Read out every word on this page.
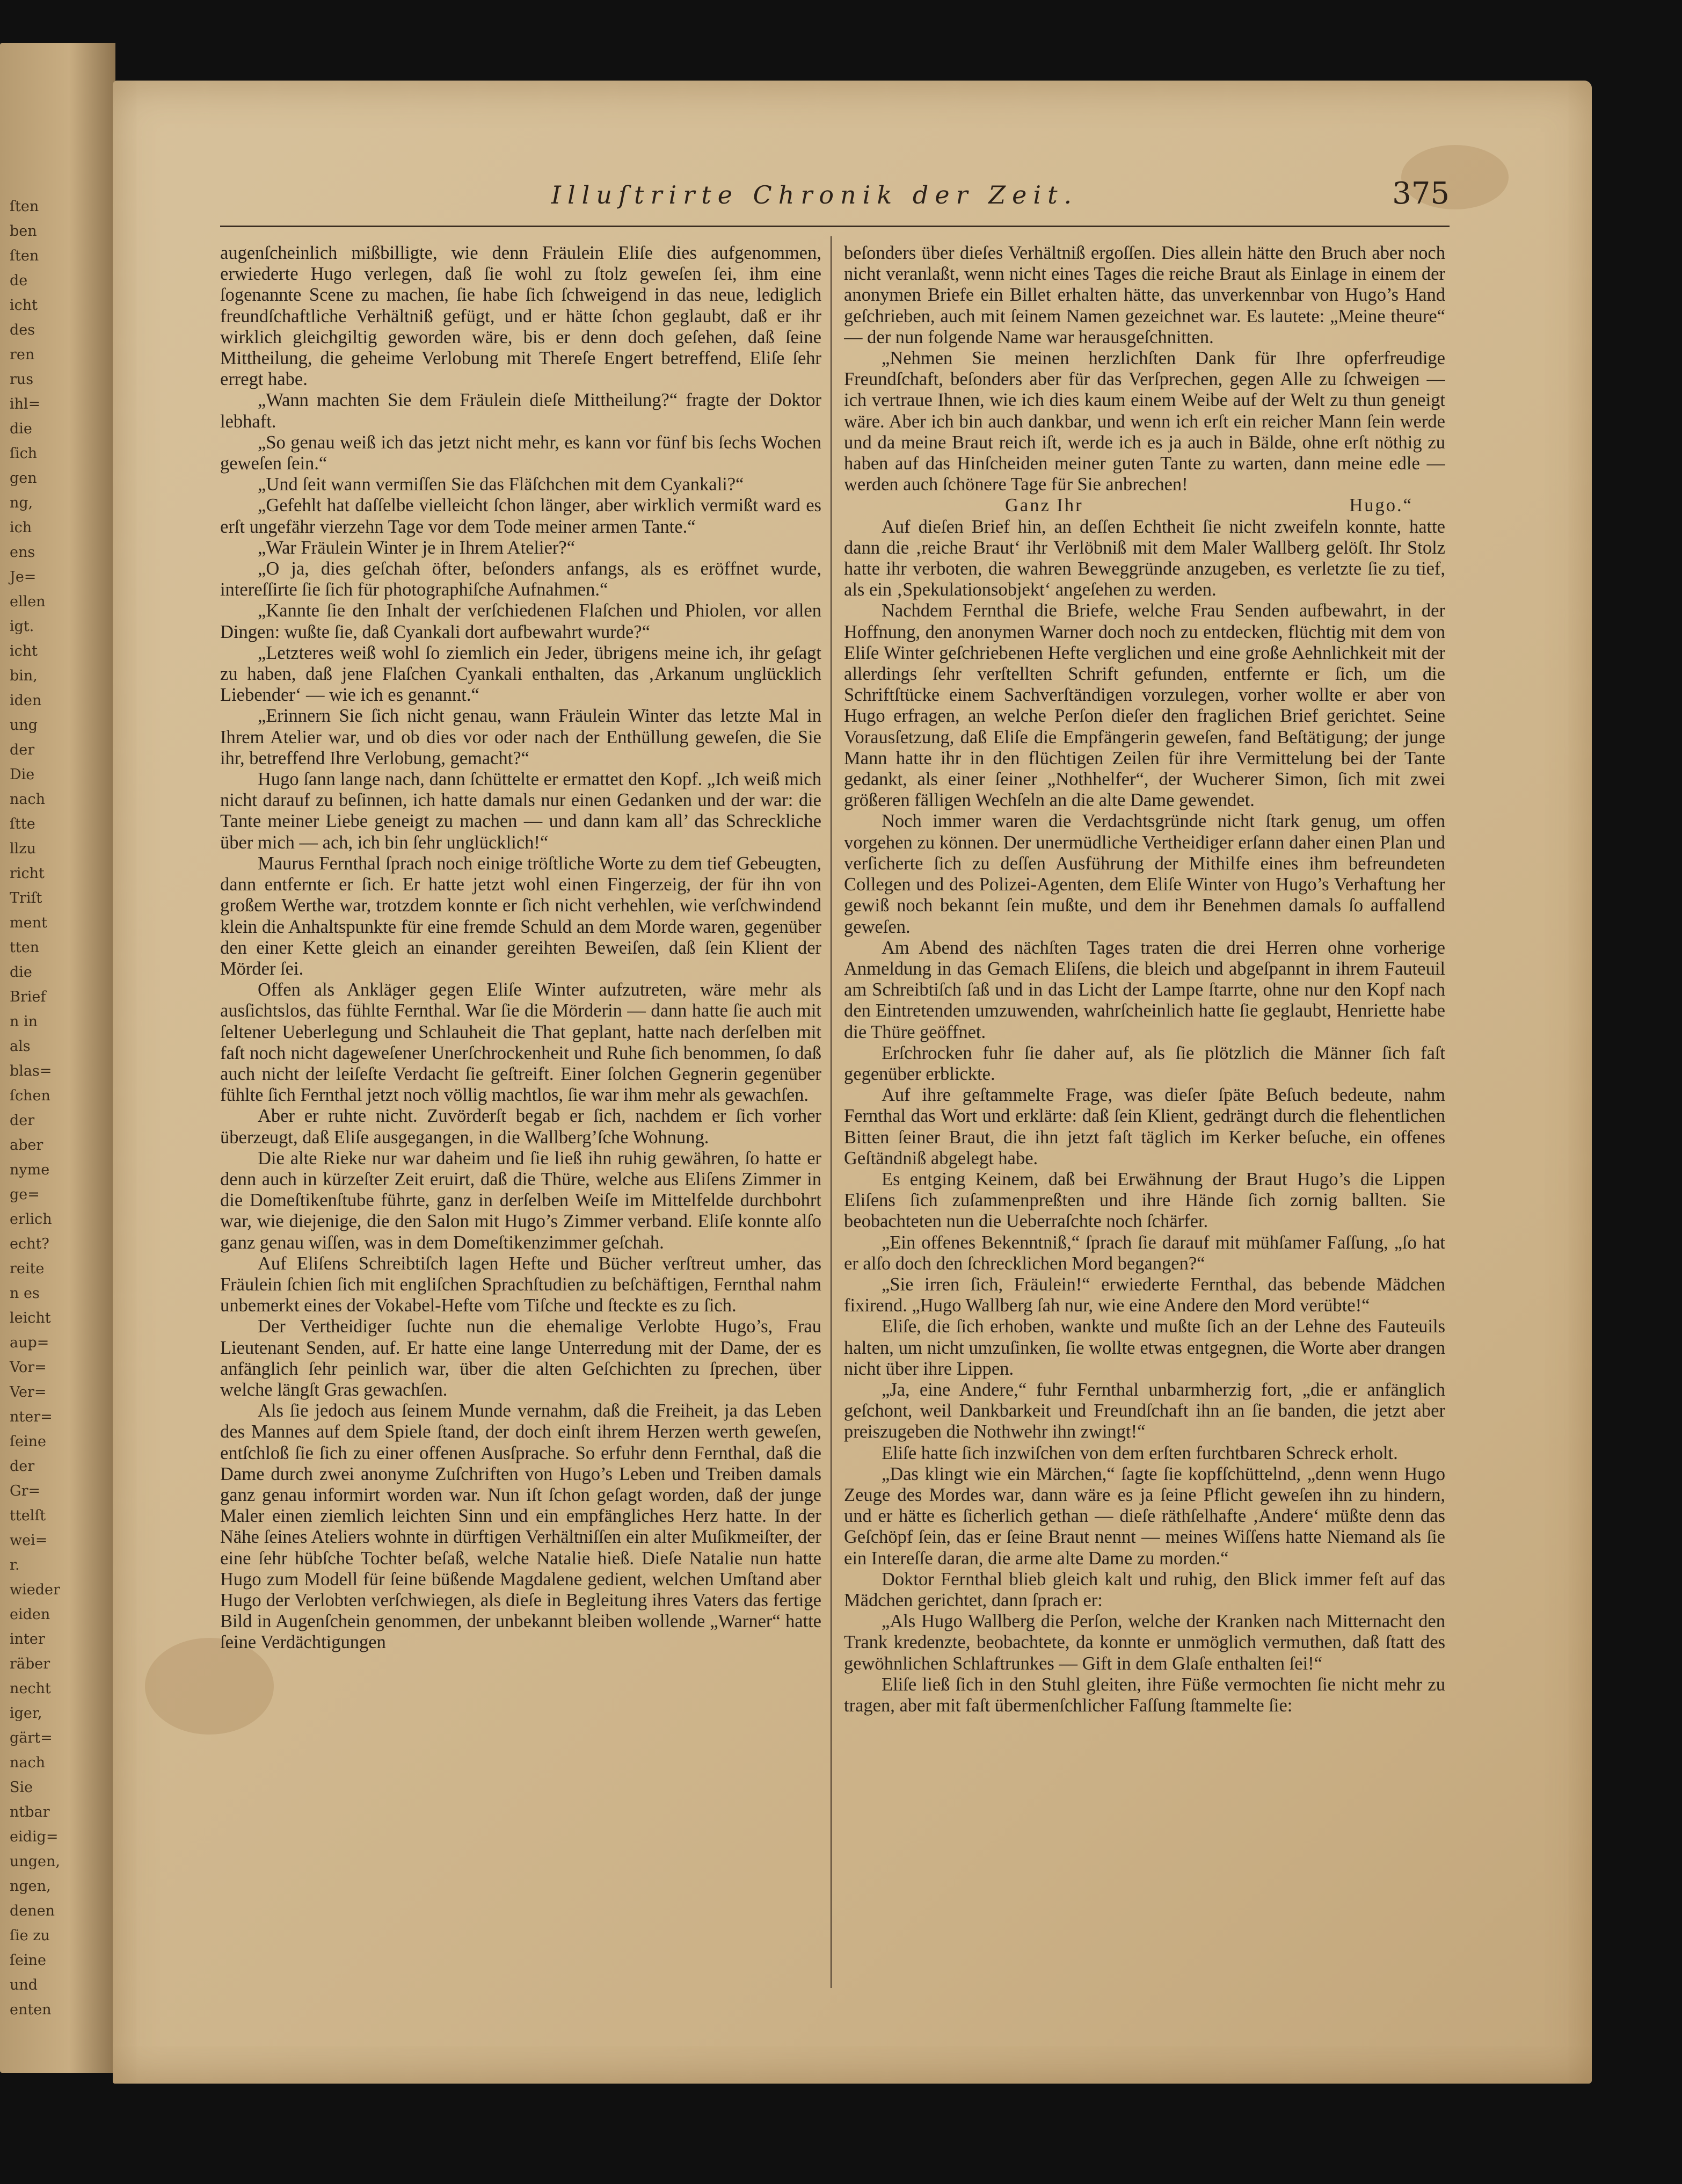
ſten
ben
ſten
de
icht
des
ren
rus
ihl=
die
ſich
gen
ng,
ich
ens
Je=
ellen
igt.
icht
bin,
iden
ung
der
Die
nach
ſtte
llzu
richt
Triſt
ment
tten
die
Brief
n in
als
blas=
ſchen
der
aber
nyme
ge=
erlich
echt?
reite
n es
leicht
aup=
Vor=
Ver=
nter=
ſeine
der
Gr=
ttelſt
wei=
r.
wieder
eiden
inter
räber
necht
iger,
gärt=
nach
Sie
ntbar
eidig=
ungen,
ngen,
denen
ſie zu
ſeine
und
enten
Illuſtrirte Chronik der Zeit.	375

augenſcheinlich mißbilligte, wie denn Fräulein Eliſe dies aufgenommen, erwiederte Hugo verlegen, daß ſie wohl zu ſtolz geweſen ſei, ihm eine ſogenannte Scene zu machen, ſie habe ſich ſchweigend in das neue, lediglich freundſchaftliche Verhältniß gefügt, und er hätte ſchon geglaubt, daß er ihr wirklich gleichgiltig geworden wäre, bis er denn doch geſehen, daß ſeine Mittheilung, die geheime Verlobung mit Thereſe Engert betreffend, Eliſe ſehr erregt habe.

„Wann machten Sie dem Fräulein dieſe Mittheilung?“ fragte der Doktor lebhaft.

„So genau weiß ich das jetzt nicht mehr, es kann vor fünf bis ſechs Wochen geweſen ſein.“

„Und ſeit wann vermiſſen Sie das Fläſchchen mit dem Cyankali?“

„Gefehlt hat daſſelbe vielleicht ſchon länger, aber wirklich vermißt ward es erſt ungefähr vierzehn Tage vor dem Tode meiner armen Tante.“

„War Fräulein Winter je in Ihrem Atelier?“

„O ja, dies geſchah öfter, beſonders anfangs, als es eröffnet wurde, intereſſirte ſie ſich für photographiſche Aufnahmen.“

„Kannte ſie den Inhalt der verſchiedenen Flaſchen und Phiolen, vor allen Dingen: wußte ſie, daß Cyankali dort aufbewahrt wurde?“

„Letzteres weiß wohl ſo ziemlich ein Jeder, übrigens meine ich, ihr geſagt zu haben, daß jene Flaſchen Cyankali enthalten, das ‚Arkanum unglücklich Liebender‘ — wie ich es genannt.“

„Erinnern Sie ſich nicht genau, wann Fräulein Winter das letzte Mal in Ihrem Atelier war, und ob dies vor oder nach der Enthüllung geweſen, die Sie ihr, betreffend Ihre Verlobung, gemacht?“

Hugo ſann lange nach, dann ſchüttelte er ermattet den Kopf. „Ich weiß mich nicht darauf zu beſinnen, ich hatte damals nur einen Gedanken und der war: die Tante meiner Liebe geneigt zu machen — und dann kam all’ das Schreckliche über mich — ach, ich bin ſehr unglücklich!“

Maurus Fernthal ſprach noch einige tröſtliche Worte zu dem tief Gebeugten, dann entfernte er ſich. Er hatte jetzt wohl einen Fingerzeig, der für ihn von großem Werthe war, trotzdem konnte er ſich nicht verhehlen, wie verſchwindend klein die Anhaltspunkte für eine fremde Schuld an dem Morde waren, gegenüber den einer Kette gleich an einander gereihten Beweiſen, daß ſein Klient der Mörder ſei.

Offen als Ankläger gegen Eliſe Winter aufzutreten, wäre mehr als ausſichtslos, das fühlte Fernthal. War ſie die Mörderin — dann hatte ſie auch mit ſeltener Ueberlegung und Schlauheit die That geplant, hatte nach derſelben mit faſt noch nicht dageweſener Unerſchrockenheit und Ruhe ſich benommen, ſo daß auch nicht der leiſeſte Verdacht ſie geſtreift. Einer ſolchen Gegnerin gegenüber fühlte ſich Fernthal jetzt noch völlig machtlos, ſie war ihm mehr als gewachſen.

Aber er ruhte nicht. Zuvörderſt begab er ſich, nachdem er ſich vorher überzeugt, daß Eliſe ausgegangen, in die Wallberg’ſche Wohnung.

Die alte Rieke nur war daheim und ſie ließ ihn ruhig gewähren, ſo hatte er denn auch in kürzeſter Zeit eruirt, daß die Thüre, welche aus Eliſens Zimmer in die Domeſtikenſtube führte, ganz in derſelben Weiſe im Mittelfelde durchbohrt war, wie diejenige, die den Salon mit Hugo’s Zimmer verband. Eliſe konnte alſo ganz genau wiſſen, was in dem Domeſtikenzimmer geſchah.

Auf Eliſens Schreibtiſch lagen Hefte und Bücher verſtreut umher, das Fräulein ſchien ſich mit engliſchen Sprachſtudien zu beſchäftigen, Fernthal nahm unbemerkt eines der Vokabel-Hefte vom Tiſche und ſteckte es zu ſich.

Der Vertheidiger ſuchte nun die ehemalige Verlobte Hugo’s, Frau Lieutenant Senden, auf. Er hatte eine lange Unterredung mit der Dame, der es anfänglich ſehr peinlich war, über die alten Geſchichten zu ſprechen, über welche längſt Gras gewachſen.

Als ſie jedoch aus ſeinem Munde vernahm, daß die Freiheit, ja das Leben des Mannes auf dem Spiele ſtand, der doch einſt ihrem Herzen werth geweſen, entſchloß ſie ſich zu einer offenen Ausſprache. So erfuhr denn Fernthal, daß die Dame durch zwei anonyme Zuſchriften von Hugo’s Leben und Treiben damals ganz genau informirt worden war. Nun iſt ſchon geſagt worden, daß der junge Maler einen ziemlich leichten Sinn und ein empfängliches Herz hatte. In der Nähe ſeines Ateliers wohnte in dürftigen Verhältniſſen ein alter Muſikmeiſter, der eine ſehr hübſche Tochter beſaß, welche Natalie hieß. Dieſe Natalie nun hatte Hugo zum Modell für ſeine büßende Magdalene gedient, welchen Umſtand aber Hugo der Verlobten verſchwiegen, als dieſe in Begleitung ihres Vaters das fertige Bild in Augenſchein genommen, der unbekannt bleiben wollende „Warner“ hatte ſeine Verdächtigungen

beſonders über dieſes Verhältniß ergoſſen. Dies allein hätte den Bruch aber noch nicht veranlaßt, wenn nicht eines Tages die reiche Braut als Einlage in einem der anonymen Briefe ein Billet erhalten hätte, das unverkennbar von Hugo’s Hand geſchrieben, auch mit ſeinem Namen gezeichnet war. Es lautete: „Meine theure“ — der nun folgende Name war herausgeſchnitten.

„Nehmen Sie meinen herzlichſten Dank für Ihre opferfreudige Freundſchaft, beſonders aber für das Verſprechen, gegen Alle zu ſchweigen — ich vertraue Ihnen, wie ich dies kaum einem Weibe auf der Welt zu thun geneigt wäre. Aber ich bin auch dankbar, und wenn ich erſt ein reicher Mann ſein werde und da meine Braut reich iſt, werde ich es ja auch in Bälde, ohne erſt nöthig zu haben auf das Hinſcheiden meiner guten Tante zu warten, dann meine edle — werden auch ſchönere Tage für Sie anbrechen!

Ganz Ihr	Hugo.“

Auf dieſen Brief hin, an deſſen Echtheit ſie nicht zweifeln konnte, hatte dann die ‚reiche Braut‘ ihr Verlöbniß mit dem Maler Wallberg gelöſt. Ihr Stolz hatte ihr verboten, die wahren Beweggründe anzugeben, es verletzte ſie zu tief, als ein ‚Spekulationsobjekt‘ angeſehen zu werden.

Nachdem Fernthal die Briefe, welche Frau Senden aufbewahrt, in der Hoffnung, den anonymen Warner doch noch zu entdecken, flüchtig mit dem von Eliſe Winter geſchriebenen Hefte verglichen und eine große Aehnlichkeit mit der allerdings ſehr verſtellten Schrift gefunden, entfernte er ſich, um die Schriftſtücke einem Sachverſtändigen vorzulegen, vorher wollte er aber von Hugo erfragen, an welche Perſon dieſer den fraglichen Brief gerichtet. Seine Vorausſetzung, daß Eliſe die Empfängerin geweſen, fand Beſtätigung; der junge Mann hatte ihr in den flüchtigen Zeilen für ihre Vermittelung bei der Tante gedankt, als einer ſeiner „Nothhelfer“, der Wucherer Simon, ſich mit zwei größeren fälligen Wechſeln an die alte Dame gewendet.

Noch immer waren die Verdachtsgründe nicht ſtark genug, um offen vorgehen zu können. Der unermüdliche Vertheidiger erſann daher einen Plan und verſicherte ſich zu deſſen Ausführung der Mithilfe eines ihm befreundeten Collegen und des Polizei-Agenten, dem Eliſe Winter von Hugo’s Verhaftung her gewiß noch bekannt ſein mußte, und dem ihr Benehmen damals ſo auffallend geweſen.

Am Abend des nächſten Tages traten die drei Herren ohne vorherige Anmeldung in das Gemach Eliſens, die bleich und abgeſpannt in ihrem Fauteuil am Schreibtiſch ſaß und in das Licht der Lampe ſtarrte, ohne nur den Kopf nach den Eintretenden umzuwenden, wahrſcheinlich hatte ſie geglaubt, Henriette habe die Thüre geöffnet.

Erſchrocken fuhr ſie daher auf, als ſie plötzlich die Männer ſich faſt gegenüber erblickte.

Auf ihre geſtammelte Frage, was dieſer ſpäte Beſuch bedeute, nahm Fernthal das Wort und erklärte: daß ſein Klient, gedrängt durch die flehentlichen Bitten ſeiner Braut, die ihn jetzt faſt täglich im Kerker beſuche, ein offenes Geſtändniß abgelegt habe.

Es entging Keinem, daß bei Erwähnung der Braut Hugo’s die Lippen Eliſens ſich zuſammenpreßten und ihre Hände ſich zornig ballten. Sie beobachteten nun die Ueberraſchte noch ſchärfer.

„Ein offenes Bekenntniß,“ ſprach ſie darauf mit mühſamer Faſſung, „ſo hat er alſo doch den ſchrecklichen Mord begangen?“

„Sie irren ſich, Fräulein!“ erwiederte Fernthal, das bebende Mädchen fixirend. „Hugo Wallberg ſah nur, wie eine Andere den Mord verübte!“

Eliſe, die ſich erhoben, wankte und mußte ſich an der Lehne des Fauteuils halten, um nicht umzuſinken, ſie wollte etwas entgegnen, die Worte aber drangen nicht über ihre Lippen.

„Ja, eine Andere,“ fuhr Fernthal unbarmherzig fort, „die er anfänglich geſchont, weil Dankbarkeit und Freundſchaft ihn an ſie banden, die jetzt aber preiszugeben die Nothwehr ihn zwingt!“

Eliſe hatte ſich inzwiſchen von dem erſten furchtbaren Schreck erholt.

„Das klingt wie ein Märchen,“ ſagte ſie kopfſchüttelnd, „denn wenn Hugo Zeuge des Mordes war, dann wäre es ja ſeine Pflicht geweſen ihn zu hindern, und er hätte es ſicherlich gethan — dieſe räthſelhafte ‚Andere‘ müßte denn das Geſchöpf ſein, das er ſeine Braut nennt — meines Wiſſens hatte Niemand als ſie ein Intereſſe daran, die arme alte Dame zu morden.“

Doktor Fernthal blieb gleich kalt und ruhig, den Blick immer feſt auf das Mädchen gerichtet, dann ſprach er:

„Als Hugo Wallberg die Perſon, welche der Kranken nach Mitternacht den Trank kredenzte, beobachtete, da konnte er unmöglich vermuthen, daß ſtatt des gewöhnlichen Schlaftrunkes — Gift in dem Glaſe enthalten ſei!“

Eliſe ließ ſich in den Stuhl gleiten, ihre Füße vermochten ſie nicht mehr zu tragen, aber mit faſt übermenſchlicher Faſſung ſtammelte ſie:
